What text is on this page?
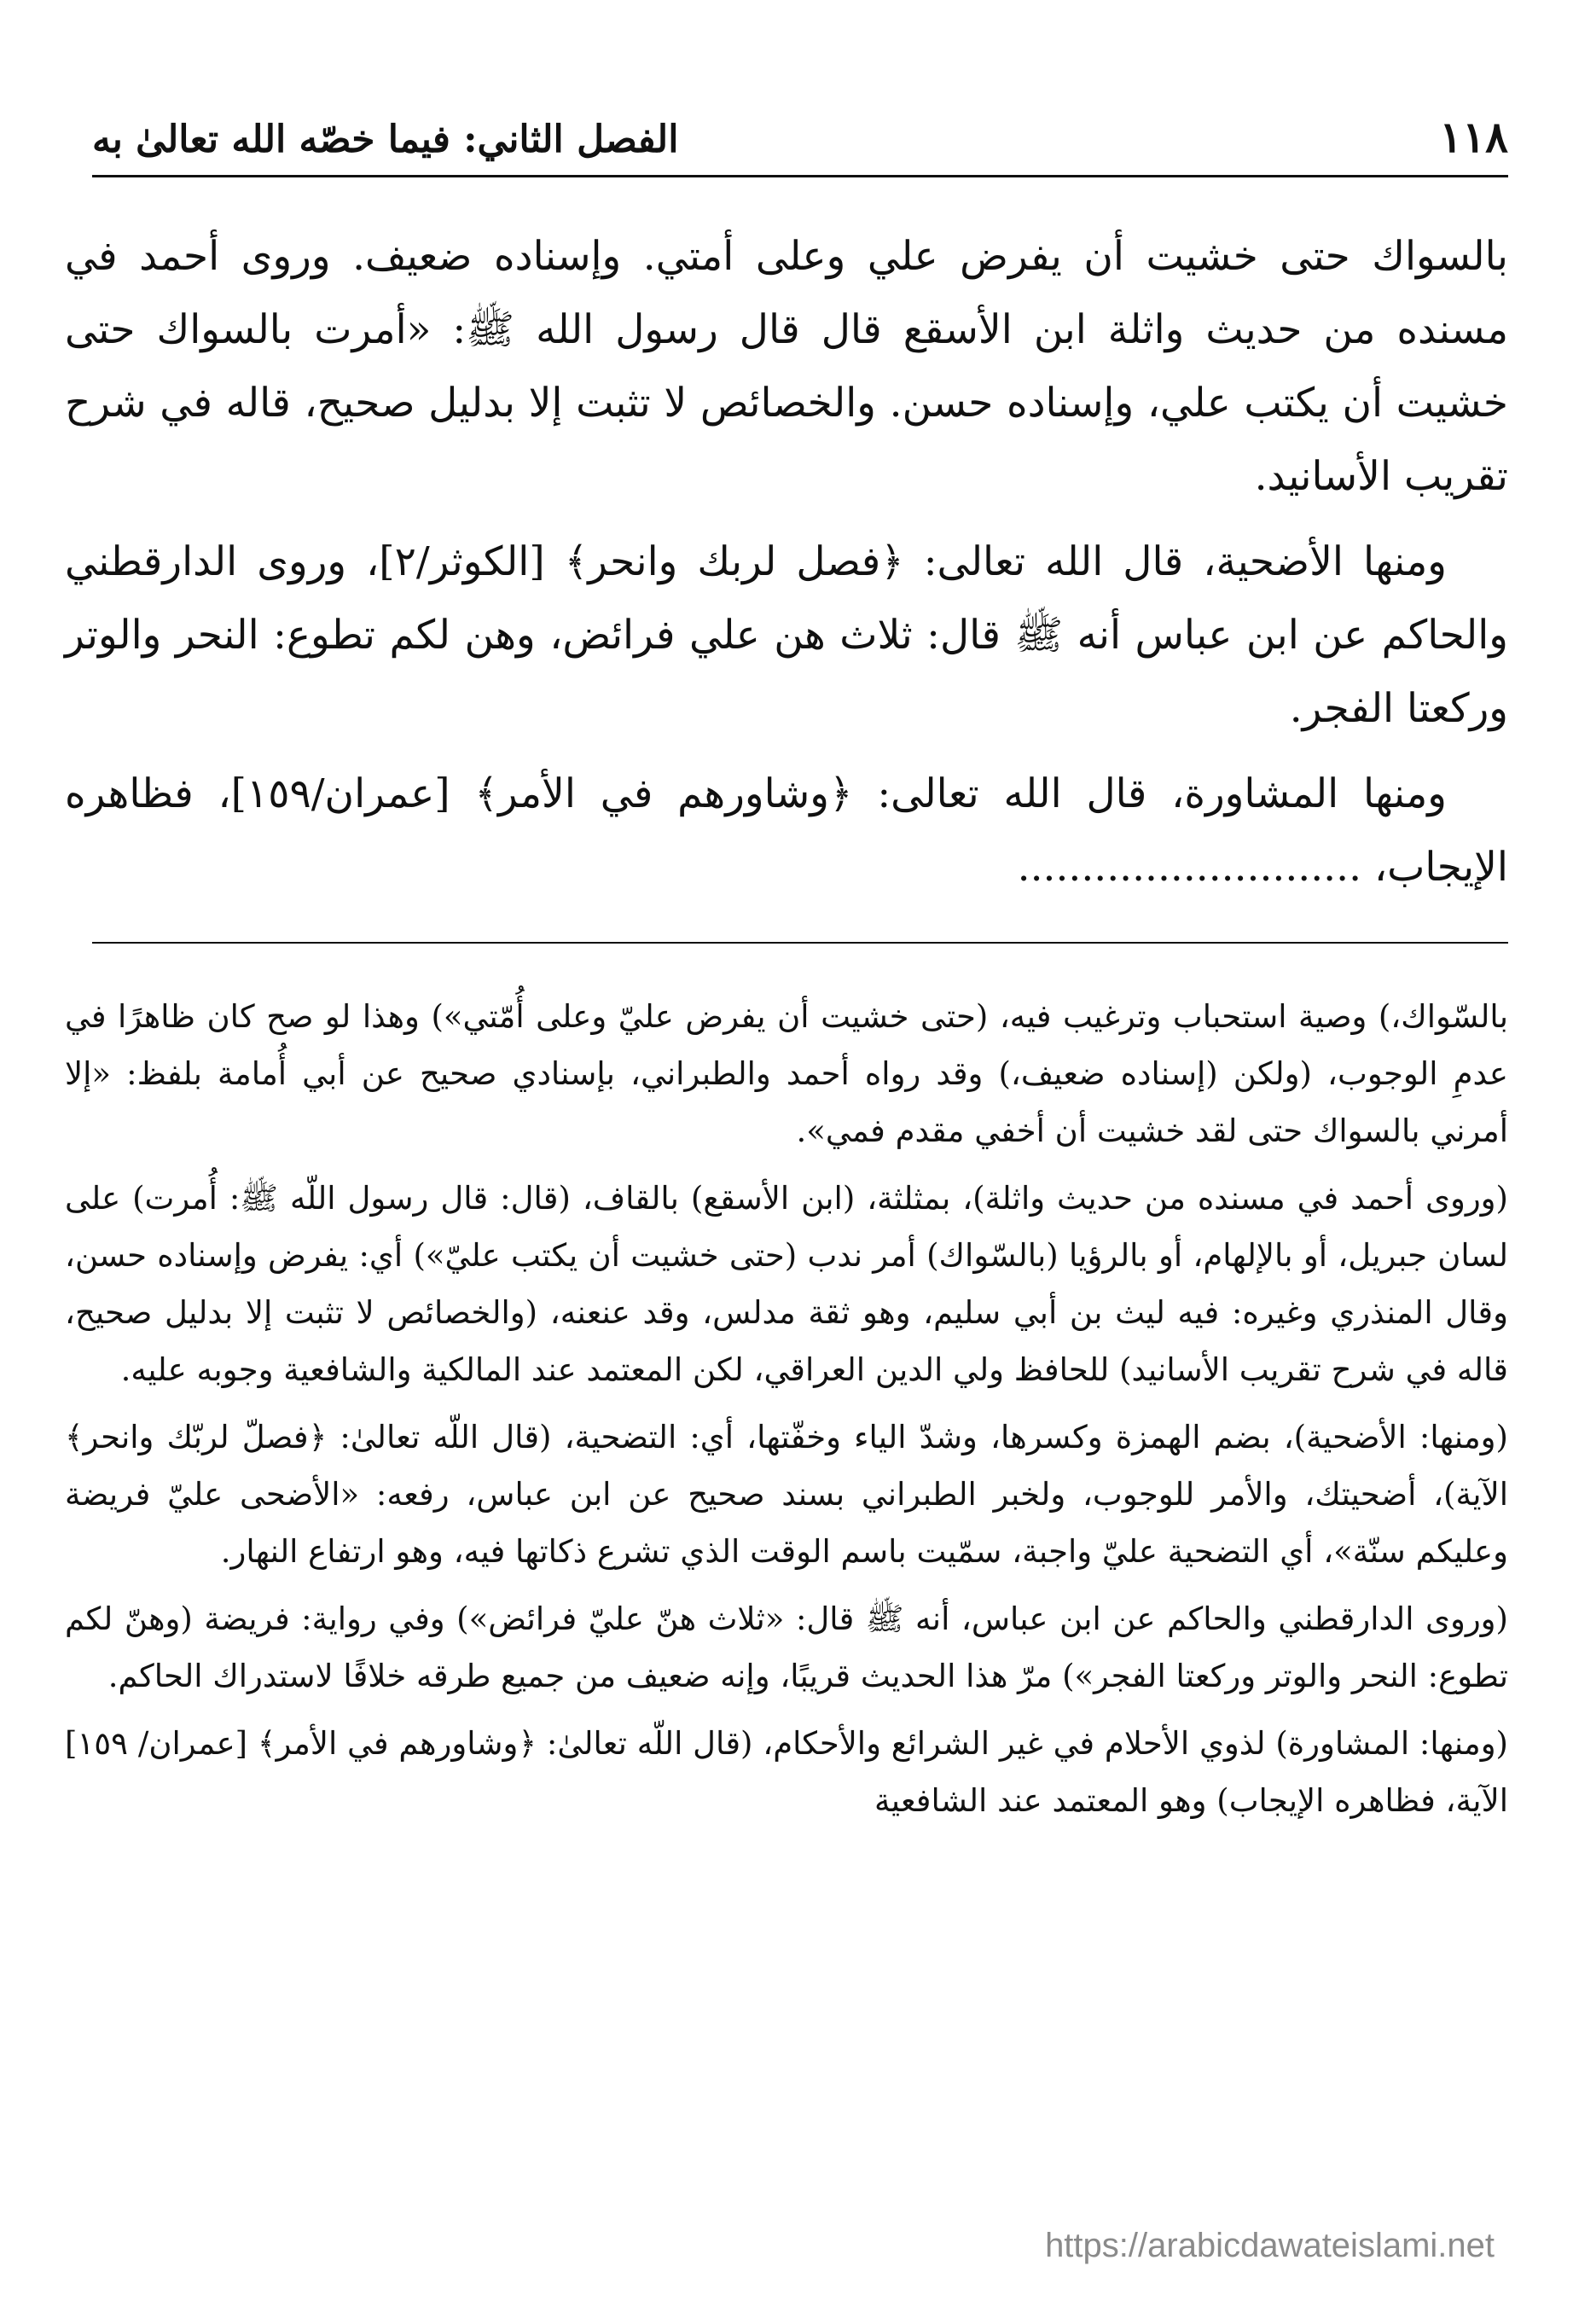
١١٨
الفصل الثاني: فيما خصّه الله تعالىٰ به

بالسواك حتى خشيت أن يفرض علي وعلى أمتي. وإسناده ضعيف. وروى أحمد في مسنده من حديث واثلة ابن الأسقع قال قال رسول الله ﷺ: «أمرت بالسواك حتى خشيت أن يكتب علي، وإسناده حسن. والخصائص لا تثبت إلا بدليل صحيح، قاله في شرح تقريب الأسانيد.

ومنها الأضحية، قال الله تعالى: ﴿فصل لربك وانحر﴾ [الكوثر/٢]، وروى الدارقطني والحاكم عن ابن عباس أنه ﷺ قال: ثلاث هن علي فرائض، وهن لكم تطوع: النحر والوتر وركعتا الفجر.

ومنها المشاورة، قال الله تعالى: ﴿وشاورهم في الأمر﴾ [عمران/١٥٩]، فظاهره الإيجاب، ...........................

بالسّواك،) وصية استحباب وترغيب فيه، (حتى خشيت أن يفرض عليّ وعلى أُمّتي») وهذا لو صح كان ظاهرًا في عدمِ الوجوب، (ولكن (إسناده ضعيف،) وقد رواه أحمد والطبراني، بإسنادي صحيح عن أبي أُمامة بلفظ: «إلا أمرني بالسواك حتى لقد خشيت أن أخفي مقدم فمي».

(وروى أحمد في مسنده من حديث واثلة)، بمثلثة، (ابن الأسقع) بالقاف، (قال: قال رسول اللّه ﷺ: أُمرت) على لسان جبريل، أو بالإلهام، أو بالرؤيا (بالسّواك) أمر ندب (حتى خشيت أن يكتب عليّ») أي: يفرض وإسناده حسن، وقال المنذري وغيره: فيه ليث بن أبي سليم، وهو ثقة مدلس، وقد عنعنه، (والخصائص لا تثبت إلا بدليل صحيح، قاله في شرح تقريب الأسانيد) للحافظ ولي الدين العراقي، لكن المعتمد عند المالكية والشافعية وجوبه عليه.

(ومنها: الأضحية)، بضم الهمزة وكسرها، وشدّ الياء وخفّتها، أي: التضحية، (قال اللّه تعالىٰ: ﴿فصلّ لربّك وانحر﴾ الآية)، أضحيتك، والأمر للوجوب، ولخبر الطبراني بسند صحيح عن ابن عباس، رفعه: «الأضحى عليّ فريضة وعليكم سنّة»، أي التضحية عليّ واجبة، سمّيت باسم الوقت الذي تشرع ذكاتها فيه، وهو ارتفاع النهار.

(وروى الدارقطني والحاكم عن ابن عباس، أنه ﷺ قال: «ثلاث هنّ عليّ فرائض») وفي رواية: فريضة (وهنّ لكم تطوع: النحر والوتر وركعتا الفجر») مرّ هذا الحديث قريبًا، وإنه ضعيف من جميع طرقه خلافًا لاستدراك الحاكم.

(ومنها: المشاورة) لذوي الأحلام في غير الشرائع والأحكام، (قال اللّه تعالىٰ: ﴿وشاورهم في الأمر﴾ [عمران/ ١٥٩] الآية، فظاهره الإيجاب) وهو المعتمد عند الشافعية

https://arabicdawateislami.net
